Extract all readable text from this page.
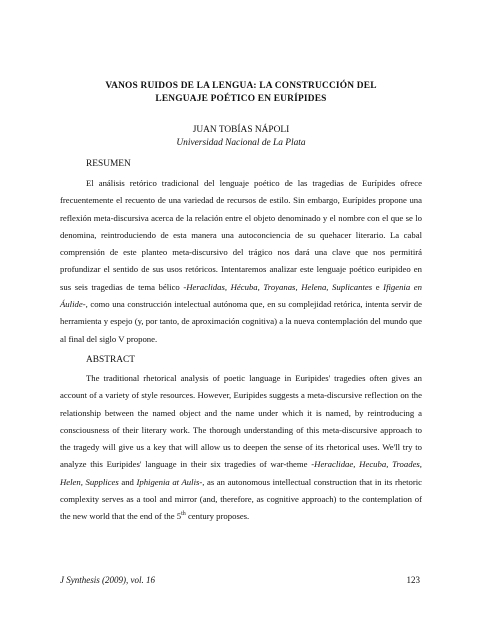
VANOS RUIDOS DE LA LENGUA: LA CONSTRUCCIÓN DEL
LENGUAJE POÉTICO EN EURÍPIDES
JUAN TOBÍAS NÁPOLI
Universidad Nacional de La Plata
RESUMEN

El análisis retórico tradicional del lenguaje poético de las tragedias de Eurípides ofrece frecuentemente el recuento de una variedad de recursos de estilo. Sin embargo, Eurípides propone una reflexión meta-discursiva acerca de la relación entre el objeto denominado y el nombre con el que se lo denomina, reintroduciendo de esta manera una autoconciencia de su quehacer literario. La cabal comprensión de este planteo meta-discursivo del trágico nos dará una clave que nos permitirá profundizar el sentido de sus usos retóricos. Intentaremos analizar este lenguaje poético euripideo en sus seis tragedias de tema bélico -Heraclidas, Hécuba, Troyanas, Helena, Suplicantes e Ifigenia en Áulide-, como una construcción intelectual autónoma que, en su complejidad retórica, intenta servir de herramienta y espejo (y, por tanto, de aproximación cognitiva) a la nueva contemplación del mundo que al final del siglo V propone.

ABSTRACT

The traditional rhetorical analysis of poetic language in Euripides' tragedies often gives an account of a variety of style resources. However, Euripides suggests a meta-discursive reflection on the relationship between the named object and the name under which it is named, by reintroducing a consciousness of their literary work. The thorough understanding of this meta-discursive approach to the tragedy will give us a key that will allow us to deepen the sense of its rhetorical uses. We'll try to analyze this Euripides' language in their six tragedies of war-theme -Heraclidae, Hecuba, Troades, Helen, Supplices and Iphigenia at Aulis-, as an autonomous intellectual construction that in its rhetoric complexity serves as a tool and mirror (and, therefore, as cognitive approach) to the contemplation of the new world that the end of the 5th century proposes.

J Synthesis (2009), vol. 16	123
